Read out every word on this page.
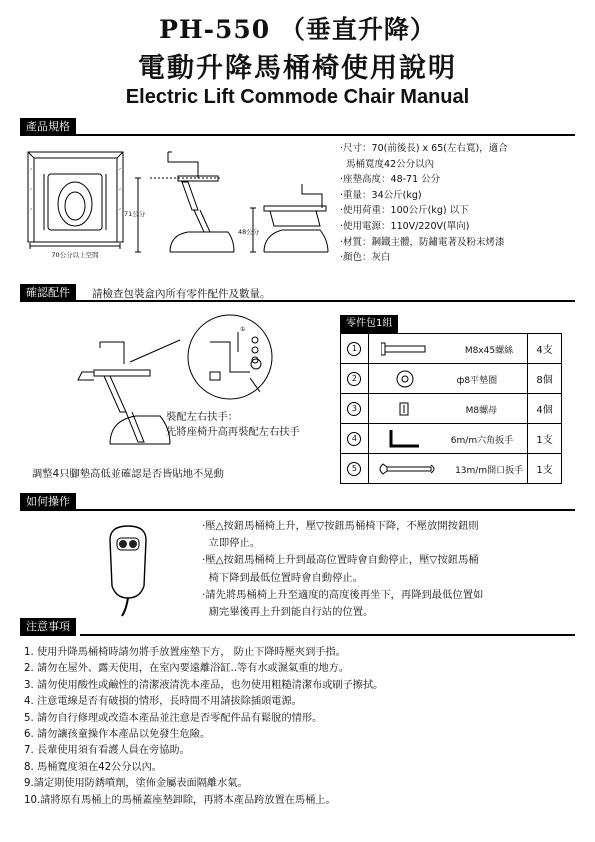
PH-550 （垂直升降）
電動升降馬桶椅使用說明
Electric Lift Commode Chair Manual
產品規格
70公分以上空間
71公分
48公分
‧尺寸：70(前後長) x 65(左右寬)，適合
馬桶寬度42公分以內
‧座墊高度：48-71 公分
‧重量：34公斤(kg)
‧使用荷重：100公斤(kg) 以下
‧使用電源：110V/220V(單向)
‧材質：鋼鐵主體，防鏽電著及粉末烤漆
‧顏色：灰白
確認配件	請檢查包裝盒內所有零件配件及數量。
①
裝配左右扶手：
先將座椅升高再裝配左右扶手
調整4只腳墊高低並確認是否皆貼地不晃動
零件包1組
1	M8x45螺絲	4支
2	ф8平墊圈	8個
3	M8螺母	4個
4	6m/m六角扳手	1支
5	13m/m開口扳手	1支
如何操作
‧壓△按鈕馬桶椅上升，壓▽按鈕馬桶椅下降，不壓放開按鈕則
立即停止。
‧壓△按鈕馬桶椅上升到最高位置時會自動停止，壓▽按鈕馬桶
椅下降到最低位置時會自動停止。
‧請先將馬桶椅上升至適度的高度後再坐下，再降到最低位置如
廁完畢後再上升到能自行站的位置。
注意事項
1. 使用升降馬桶椅時請勿將手放置座墊下方， 防止下降時壓夾到手指。
2. 請勿在屋外、露天使用，在室內要遠離浴缸..等有水或濕氣重的地方。
3. 請勿使用酸性或鹼性的清潔液清洗本產品，也勿使用粗糙清潔布或刷子擦拭。
4. 注意電線是否有破損的情形，長時間不用請拔除插頭電源。
5. 請勿自行修理或改造本產品並注意是否零配件品有鬆脫的情形。
6. 請勿讓孩童操作本產品以免發生危險。
7. 長輩使用須有看護人員在旁協助。
8. 馬桶寬度須在42公分以內。
9.請定期使用防銹噴劑，塗佈金屬表面隔離水氣。
10.請將原有馬桶上的馬桶蓋座墊卸除，再將本產品跨放置在馬桶上。
